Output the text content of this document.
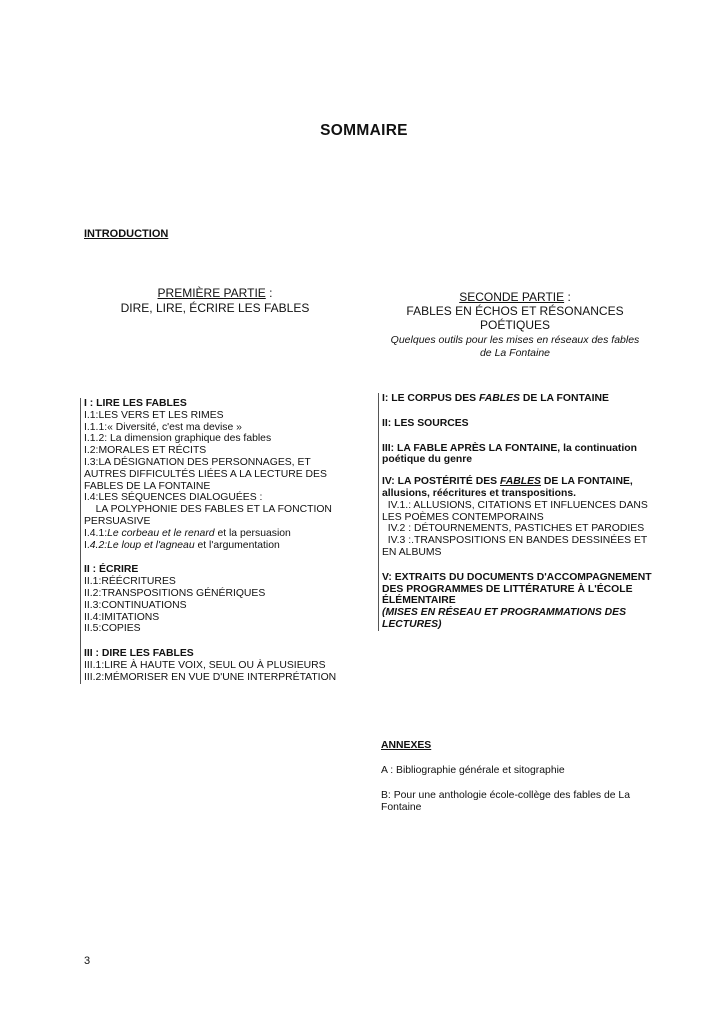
SOMMAIRE
INTRODUCTION
PREMIÈRE PARTIE :
DIRE, LIRE, ÉCRIRE LES FABLES
SECONDE PARTIE :
FABLES EN ÉCHOS ET RÉSONANCES POÉTIQUES
Quelques outils pour les mises en réseaux des fables de La Fontaine
I : LIRE LES FABLES
I.1:LES VERS ET LES RIMES
I.1.1:« Diversité, c'est ma devise »
I.1.2: La dimension graphique des fables
I.2:MORALES ET RÉCITS
I.3:LA DÉSIGNATION DES PERSONNAGES, ET AUTRES DIFFICULTÉS LIÉES A LA LECTURE DES FABLES DE LA FONTAINE
I.4:LES SÉQUENCES DIALOGUÉES :
LA POLYPHONIE DES FABLES ET LA FONCTION PERSUASIVE
I.4.1:Le corbeau et le renard et la persuasion
I.4.2:Le loup et l'agneau et l'argumentation
II : ÉCRIRE
II.1:RÉÉCRITURES
II.2:TRANSPOSITIONS GÉNÉRIQUES
II.3:CONTINUATIONS
II.4:IMITATIONS
II.5:COPIES
III : DIRE LES FABLES
III.1:LIRE À HAUTE VOIX, SEUL OU À PLUSIEURS
III.2:MÉMORISER EN VUE D'UNE INTERPRÉTATION
I: LE CORPUS DES FABLES DE LA FONTAINE
II: LES SOURCES
III: LA FABLE APRÈS LA FONTAINE, la continuation poétique du genre
IV: LA POSTÉRITÉ DES FABLES DE LA FONTAINE, allusions, réécritures et transpositions.
IV.1.: ALLUSIONS, CITATIONS ET INFLUENCES DANS LES POÈMES CONTEMPORAINS
IV.2 : DÉTOURNEMENTS, PASTICHES ET PARODIES
IV.3 :.TRANSPOSITIONS EN BANDES DESSINÉES ET EN ALBUMS
V: EXTRAITS DU DOCUMENTS D'ACCOMPAGNEMENT DES PROGRAMMES DE LITTÉRATURE À L'ÉCOLE ÉLÉMENTAIRE
(MISES EN RÉSEAU ET PROGRAMMATIONS DES LECTURES)
ANNEXES
A : Bibliographie générale et sitographie
B: Pour une anthologie école-collège des fables de La Fontaine
3
